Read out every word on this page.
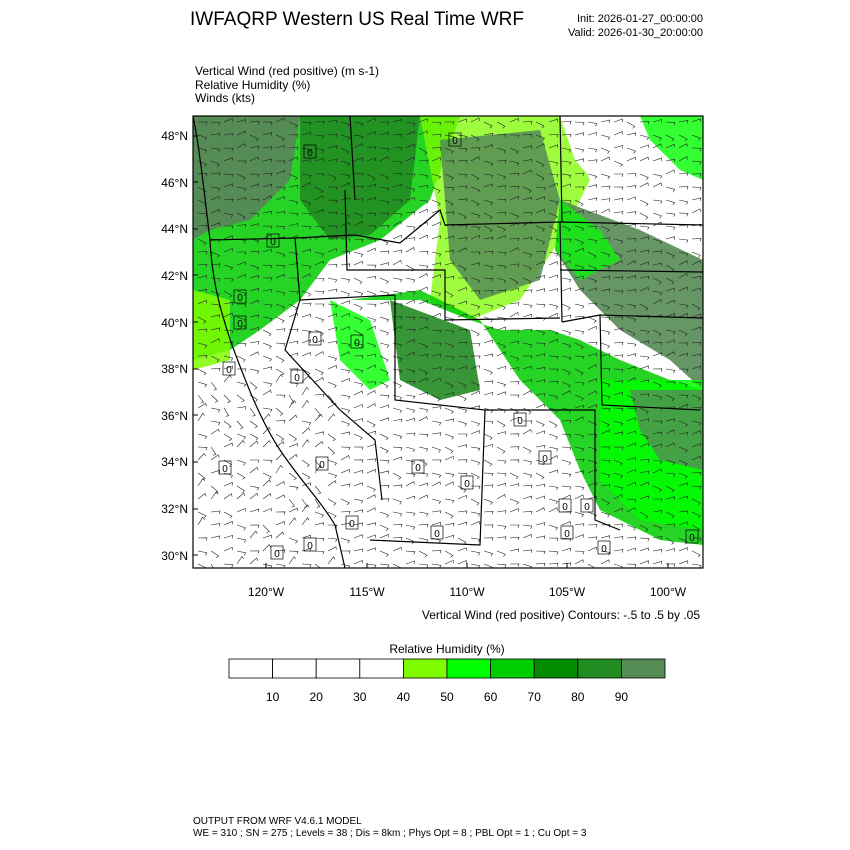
IWFAQRP Western US Real Time WRF	Init: 2026-01-27_00:00:00
Valid: 2026-01-30_20:00:00
Vertical Wind (red positive) (m s-1)
Relative Humidity (%)
Winds (kts)
48°N
46°N
44°N
42°N
40°N
38°N
36°N
34°N
32°N
30°N
120°W	115°W	110°W	105°W	100°W
10	20	30	40	50	60	70	80	90
0
0
0	0
0
0
0	0	0
0
0
0
0
0
0
0 0
0
0
0
0
0
0
0
Vertical Wind (red positive) Contours: -.5 to .5 by .05
Relative Humidity (%)
OUTPUT FROM WRF V4.6.1 MODEL
WE = 310 ; SN = 275 ; Levels = 38 ; Dis = 8km ; Phys Opt = 8 ; PBL Opt = 1 ; Cu Opt = 3
